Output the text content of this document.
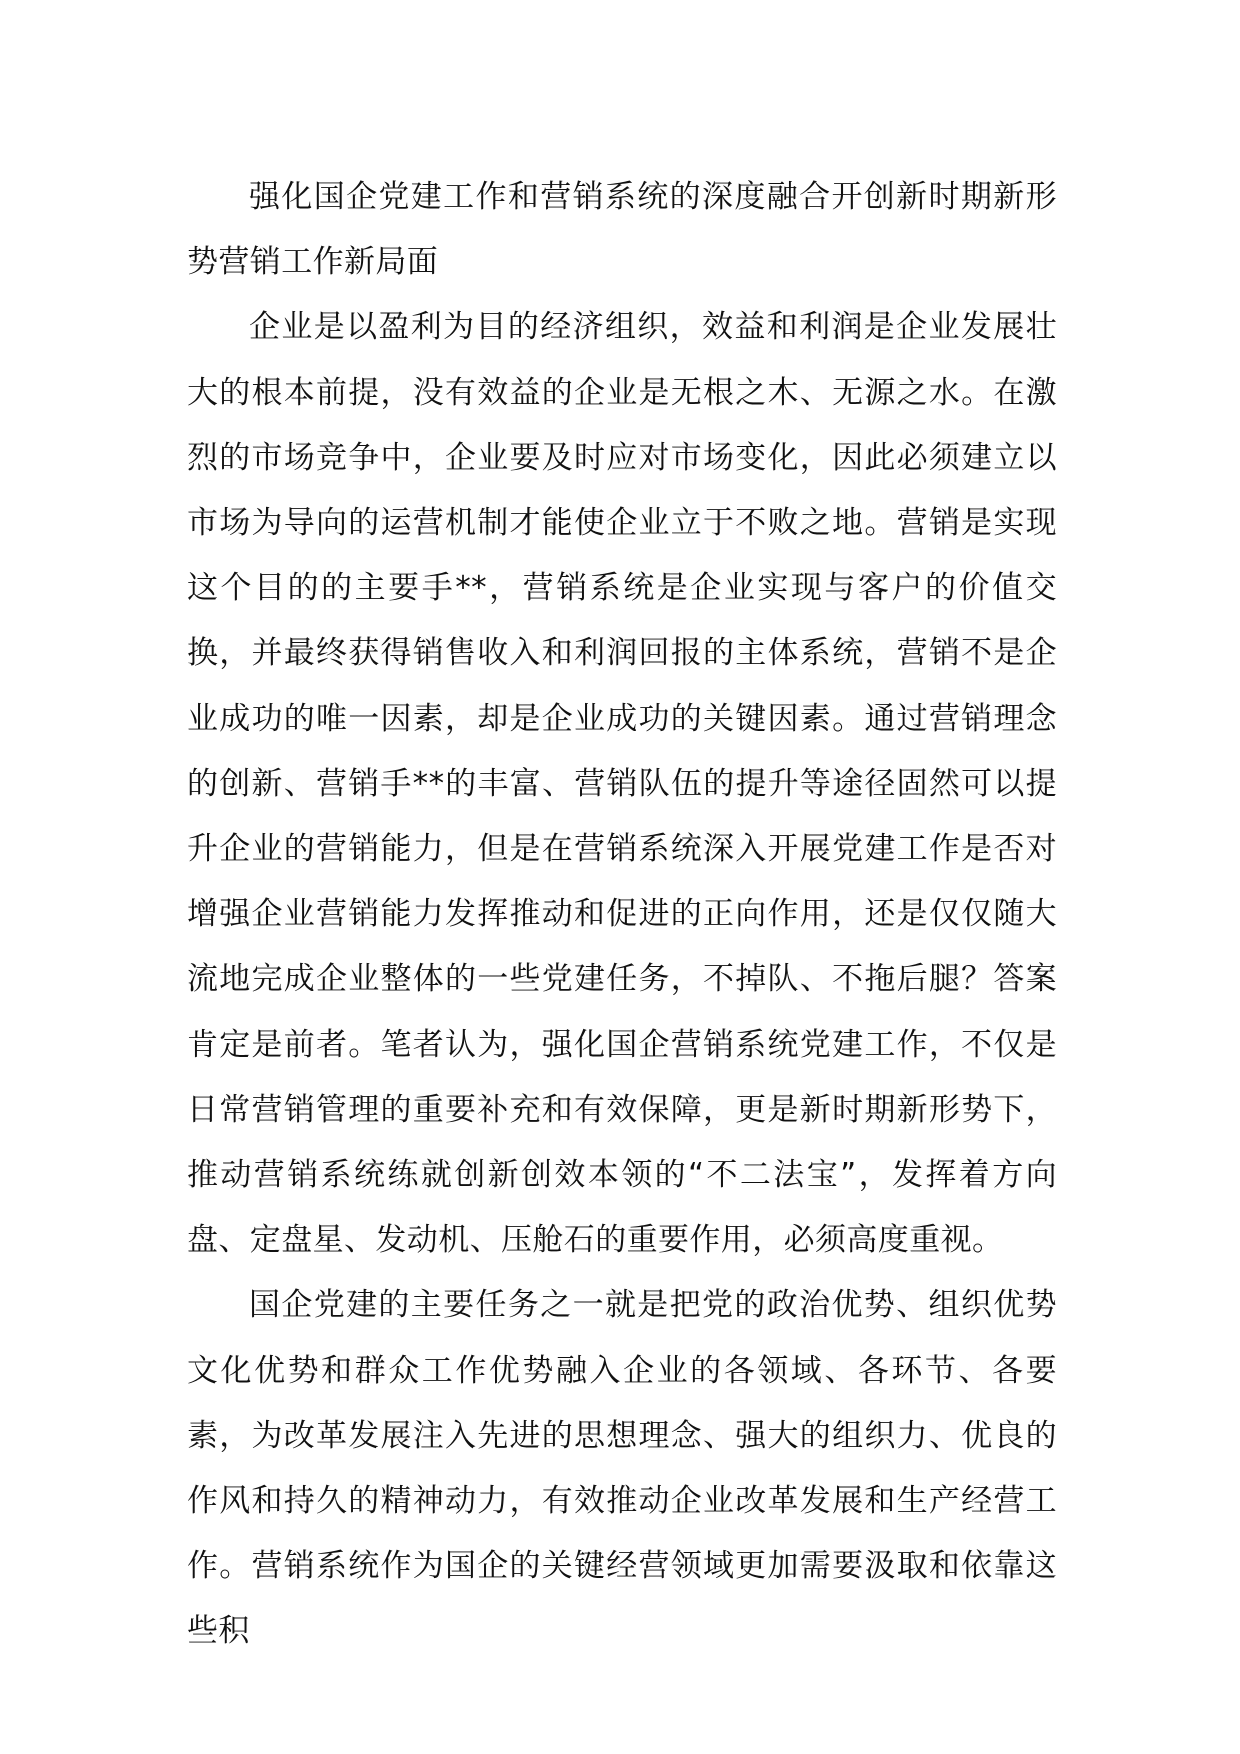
强化国企党建工作和营销系统的深度融合开创新时期新形势营销工作新局面

企业是以盈利为目的经济组织，效益和利润是企业发展壮大的根本前提，没有效益的企业是无根之木、无源之水。在激烈的市场竞争中，企业要及时应对市场变化，因此必须建立以市场为导向的运营机制才能使企业立于不败之地。营销是实现这个目的的主要手**，营销系统是企业实现与客户的价值交换，并最终获得销售收入和利润回报的主体系统，营销不是企业成功的唯一因素，却是企业成功的关键因素。通过营销理念的创新、营销手**的丰富、营销队伍的提升等途径固然可以提升企业的营销能力，但是在营销系统深入开展党建工作是否对增强企业营销能力发挥推动和促进的正向作用，还是仅仅随大流地完成企业整体的一些党建任务，不掉队、不拖后腿？答案肯定是前者。笔者认为，强化国企营销系统党建工作，不仅是日常营销管理的重要补充和有效保障，更是新时期新形势下，推动营销系统练就创新创效本领的“不二法宝”，发挥着方向盘、定盘星、发动机、压舱石的重要作用，必须高度重视。

国企党建的主要任务之一就是把党的政治优势、组织优势文化优势和群众工作优势融入企业的各领域、各环节、各要素，为改革发展注入先进的思想理念、强大的组织力、优良的作风和持久的精神动力，有效推动企业改革发展和生产经营工作。营销系统作为国企的关键经营领域更加需要汲取和依靠这些积
